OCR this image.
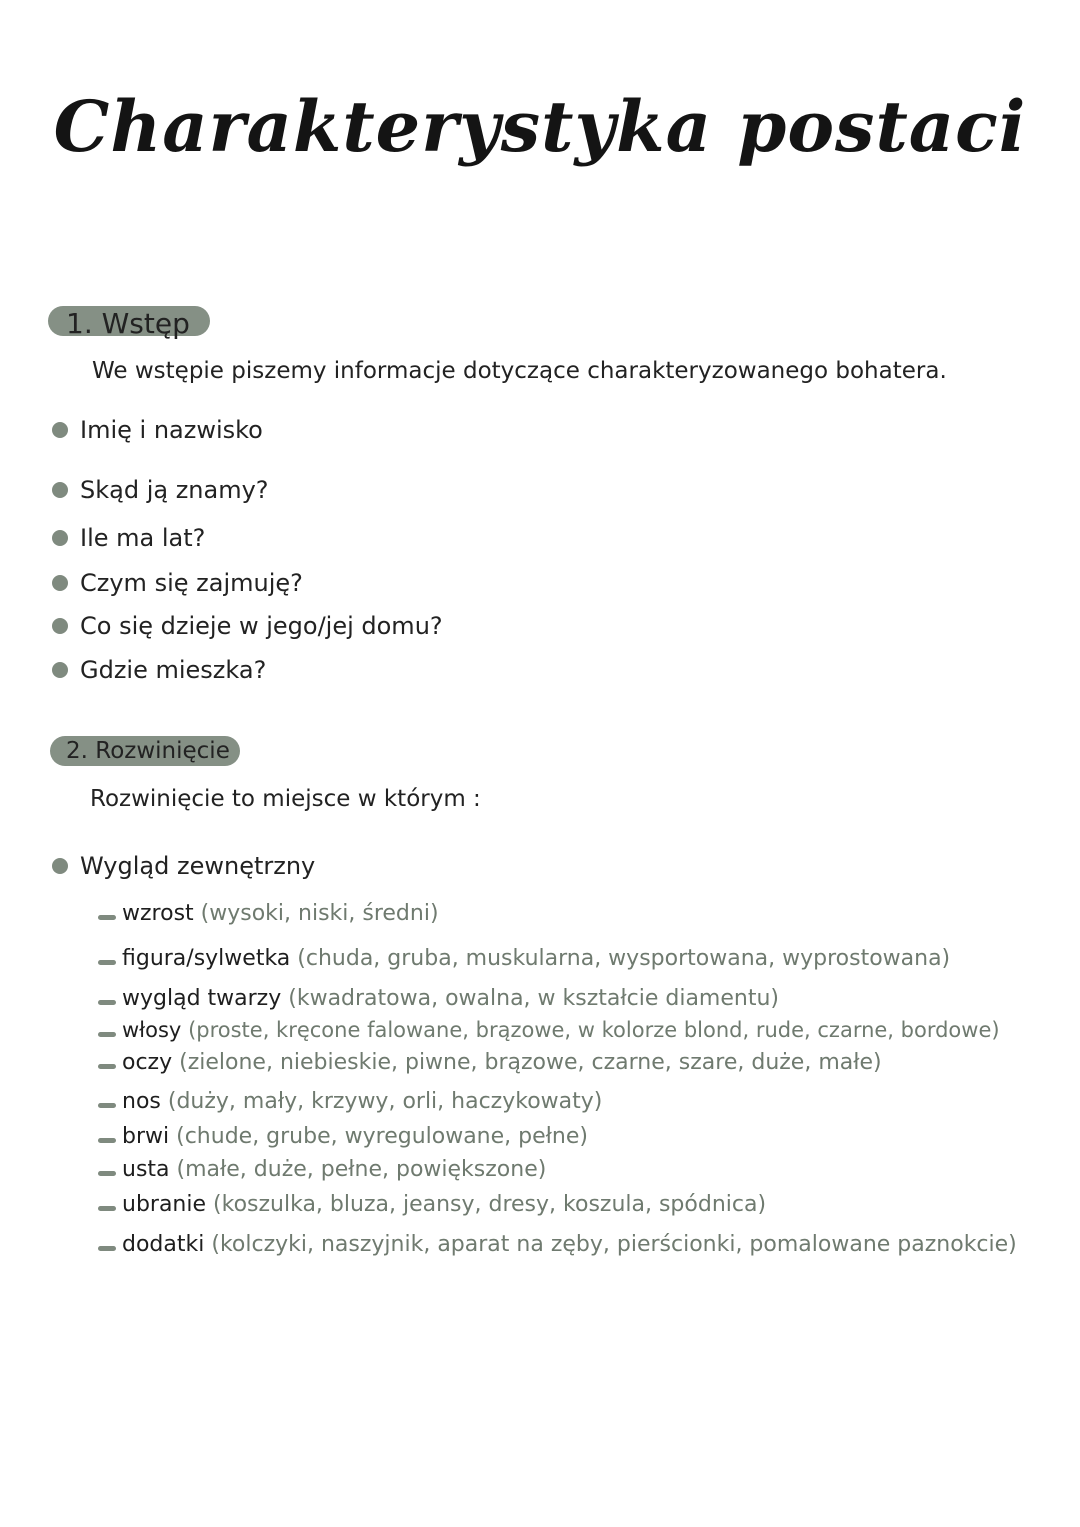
Charakterystyka postaci
1. Wstęp
We wstępie piszemy informacje dotyczące charakteryzowanego bohatera.
Imię i nazwisko
Skąd ją znamy?
Ile ma lat?
Czym się zajmuję?
Co się dzieje w jego/jej domu?
Gdzie mieszka?
2. Rozwinięcie
Rozwinięcie to miejsce w którym :
Wygląd zewnętrzny
wzrost (wysoki, niski, średni)
figura/sylwetka (chuda, gruba, muskularna, wysportowana, wyprostowana)
wygląd twarzy (kwadratowa, owalna, w kształcie diamentu)
włosy (proste, kręcone falowane, brązowe, w kolorze blond, rude, czarne, bordowe)
oczy (zielone, niebieskie, piwne, brązowe, czarne, szare, duże, małe)
nos (duży, mały, krzywy, orli, haczykowaty)
brwi (chude, grube, wyregulowane, pełne)
usta (małe, duże, pełne, powiększone)
ubranie (koszulka, bluza, jeansy, dresy, koszula, spódnica)
dodatki (kolczyki, naszyjnik, aparat na zęby, pierścionki, pomalowane paznokcie)
